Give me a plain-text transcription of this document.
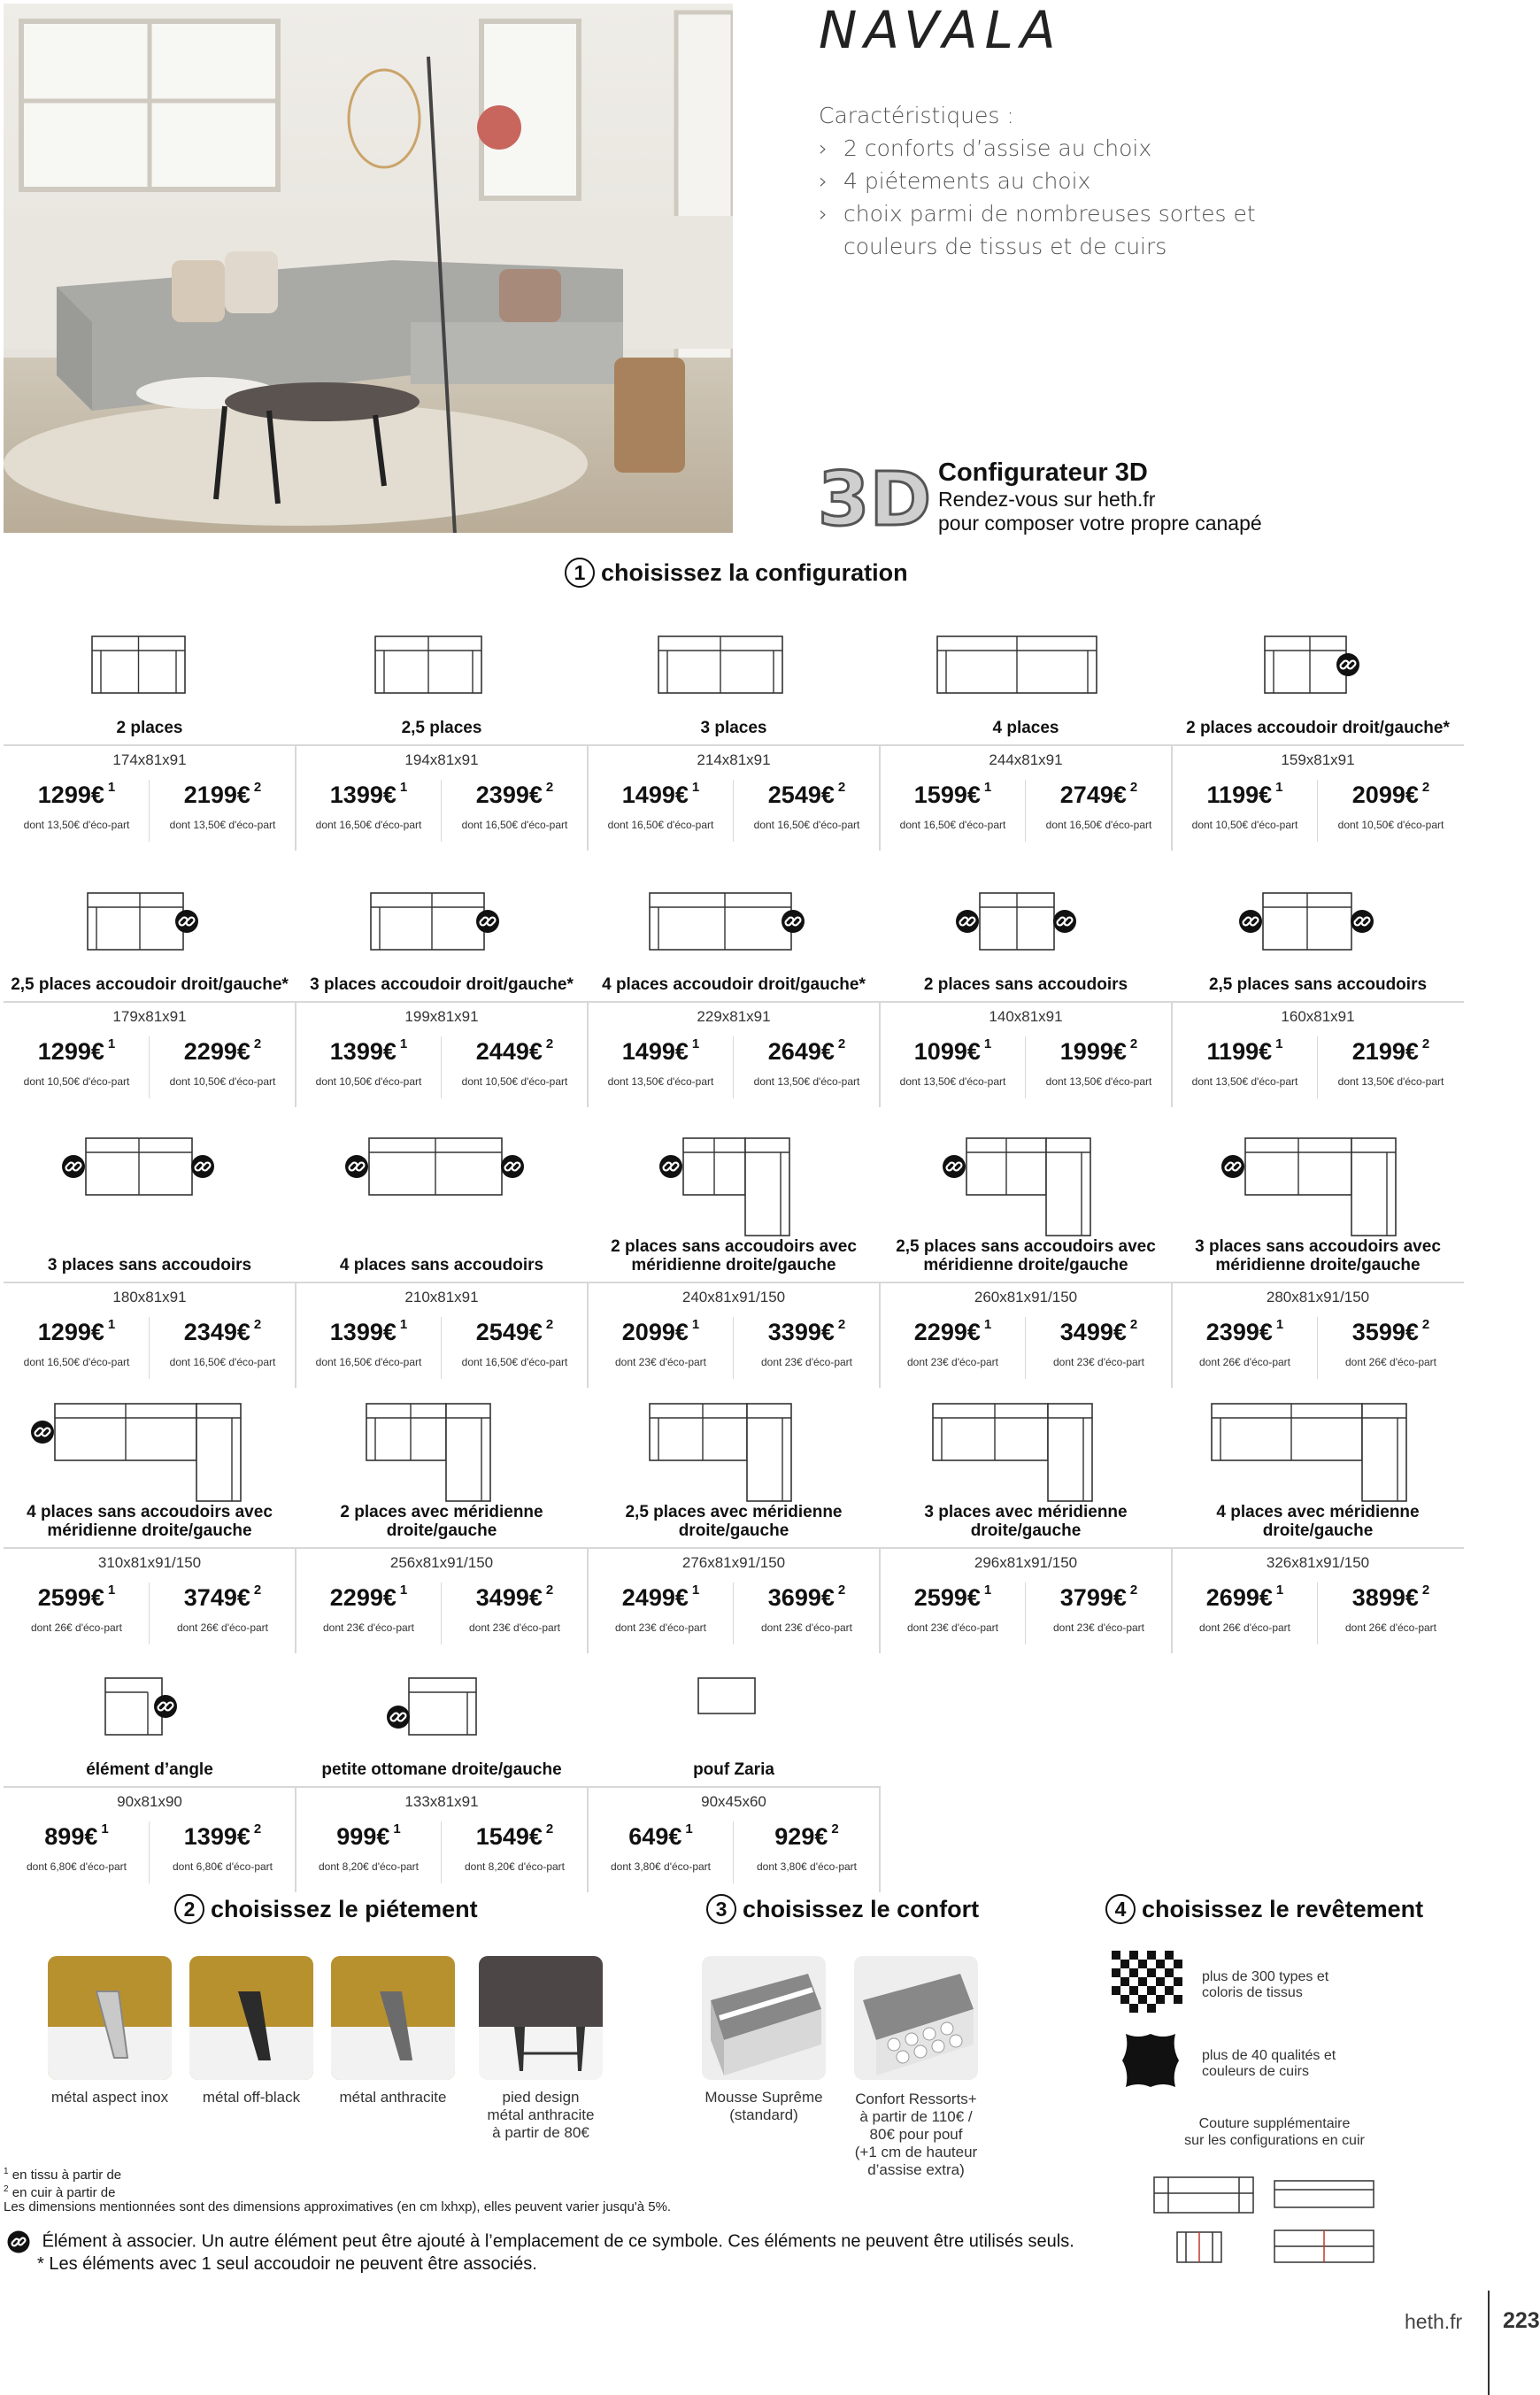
NAVALA
Caractéristiques :
› 2 conforts d’assise au choix
› 4 piétements au choix
› choix parmi de nombreuses sortes et
couleurs de tissus et de cuirs
3D Configurateur 3D
Rendez-vous sur heth.fr
pour composer votre propre canapé
1 choisissez la configuration
2 places
174x81x91
1299€ $^1$	2199€ $^2$
dont 13,50€ d'éco-part	dont 13,50€ d'éco-part
2,5 places
194x81x91
1399€ $^1$	2399€ $^2$
dont 16,50€ d'éco-part	dont 16,50€ d'éco-part
3 places
214x81x91
1499€ $^1$	2549€ $^2$
dont 16,50€ d'éco-part	dont 16,50€ d'éco-part
4 places
244x81x91
1599€ $^1$	2749€ $^2$
dont 16,50€ d'éco-part	dont 16,50€ d'éco-part
2 places accoudoir droit/gauche*
159x81x91
1199€ $^1$	2099€ $^2$
dont 10,50€ d'éco-part	dont 10,50€ d'éco-part
2,5 places accoudoir droit/gauche*
179x81x91
1299€ $^1$	2299€ $^2$
dont 10,50€ d'éco-part	dont 10,50€ d'éco-part
3 places accoudoir droit/gauche*
199x81x91
1399€ $^1$	2449€ $^2$
dont 10,50€ d'éco-part	dont 10,50€ d'éco-part
4 places accoudoir droit/gauche*
229x81x91
1499€ $^1$	2649€ $^2$
dont 13,50€ d'éco-part	dont 13,50€ d'éco-part
2 places sans accoudoirs
140x81x91
1099€ $^1$	1999€ $^2$
dont 13,50€ d'éco-part	dont 13,50€ d'éco-part
2,5 places sans accoudoirs
160x81x91
1199€ $^1$	2199€ $^2$
dont 13,50€ d'éco-part	dont 13,50€ d'éco-part
3 places sans accoudoirs
180x81x91
1299€ $^1$	2349€ $^2$
dont 16,50€ d'éco-part	dont 16,50€ d'éco-part
4 places sans accoudoirs
210x81x91
1399€ $^1$	2549€ $^2$
dont 16,50€ d'éco-part	dont 16,50€ d'éco-part
2 places sans accoudoirs avec méridienne droite/gauche
240x81x91/150
2099€ $^1$	3399€ $^2$
dont 23€ d'éco-part	dont 23€ d'éco-part
2,5 places sans accoudoirs avec méridienne droite/gauche
260x81x91/150
2299€ $^1$	3499€ $^2$
dont 23€ d'éco-part	dont 23€ d'éco-part
3 places sans accoudoirs avec méridienne droite/gauche
280x81x91/150
2399€ $^1$	3599€ $^2$
dont 26€ d'éco-part	dont 26€ d'éco-part
4 places sans accoudoirs avec méridienne droite/gauche
310x81x91/150
2599€ $^1$	3749€ $^2$
dont 26€ d'éco-part	dont 26€ d'éco-part
2 places avec méridienne droite/gauche
256x81x91/150
2299€ $^1$	3499€ $^2$
dont 23€ d'éco-part	dont 23€ d'éco-part
2,5 places avec méridienne droite/gauche
276x81x91/150
2499€ $^1$	3699€ $^2$
dont 23€ d'éco-part	dont 23€ d'éco-part
3 places avec méridienne droite/gauche
296x81x91/150
2599€ $^1$	3799€ $^2$
dont 23€ d'éco-part	dont 23€ d'éco-part
4 places avec méridienne droite/gauche
326x81x91/150
2699€ $^1$	3899€ $^2$
dont 26€ d'éco-part	dont 26€ d'éco-part
élément d’angle
90x81x90
899€ $^1$	1399€ $^2$
dont 6,80€ d'éco-part	dont 6,80€ d'éco-part
petite ottomane droite/gauche
133x81x91
999€ $^1$	1549€ $^2$
dont 8,20€ d'éco-part	dont 8,20€ d'éco-part
pouf Zaria
90x45x60
649€ $^1$	929€ $^2$
dont 3,80€ d'éco-part	dont 3,80€ d'éco-part
2 choisissez le piétement	3 choisissez le confort	4 choisissez le revêtement
métal aspect inox	métal off-black	métal anthracite	pied design
métal anthracite
à partir de 80€
Mousse Suprême
(standard)
Confort Ressorts+
à partir de 110€ /
80€ pour pouf
(+1 cm de hauteur
d’assise extra)
plus de 300 types et
coloris de tissus
plus de 40 qualités et
couleurs de cuirs
Couture supplémentaire
sur les configurations en cuir
$^1$ en tissu à partir de
$^2$ en cuir à partir de
Les dimensions mentionnées sont des dimensions approximatives (en cm lxhxp), elles peuvent varier jusqu'à 5%.
Élément à associer. Un autre élément peut être ajouté à l’emplacement de ce symbole. Ces éléments ne peuvent être utilisés seuls.
* Les éléments avec 1 seul accoudoir ne peuvent être associés.
heth.fr 223
